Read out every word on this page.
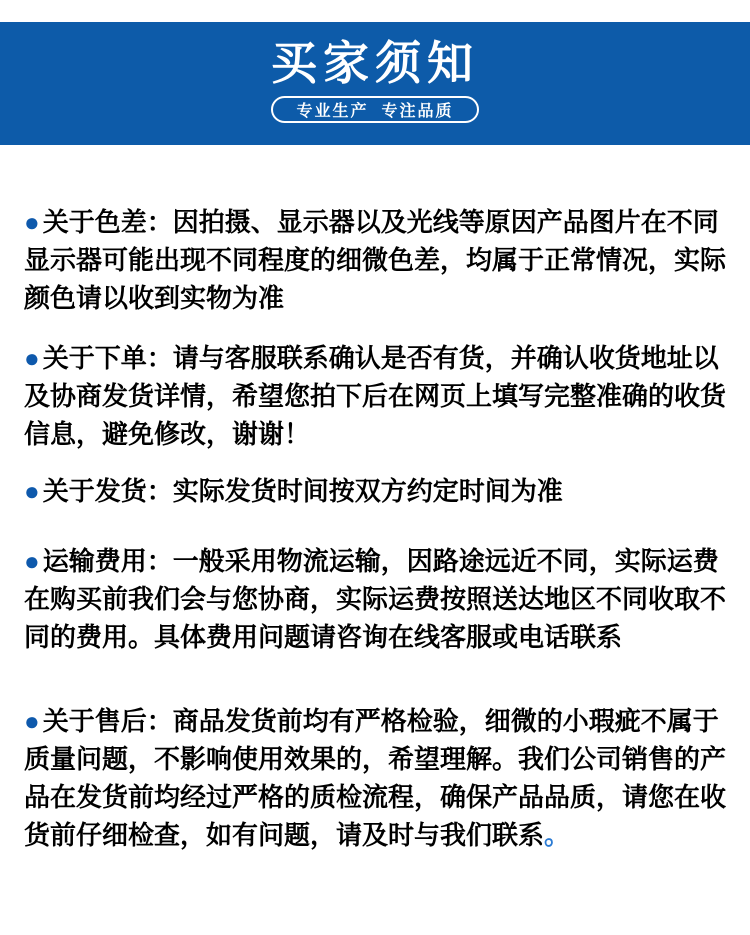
买家须知
专业生产  专注品质

● 关于色差：因拍摄、显示器以及光线等原因产品图片在不同显示器可能出现不同程度的细微色差，均属于正常情况，实际颜色请以收到实物为准

● 关于下单：请与客服联系确认是否有货，并确认收货地址以及协商发货详情，希望您拍下后在网页上填写完整准确的收货信息，避免修改，谢谢！

● 关于发货：实际发货时间按双方约定时间为准

● 运输费用：一般采用物流运输，因路途远近不同，实际运费在购买前我们会与您协商，实际运费按照送达地区不同收取不同的费用。具体费用问题请咨询在线客服或电话联系

● 关于售后：商品发货前均有严格检验，细微的小瑕疵不属于质量问题，不影响使用效果的，希望理解。我们公司销售的产品在发货前均经过严格的质检流程，确保产品品质，请您在收货前仔细检查，如有问题，请及时与我们联系。
